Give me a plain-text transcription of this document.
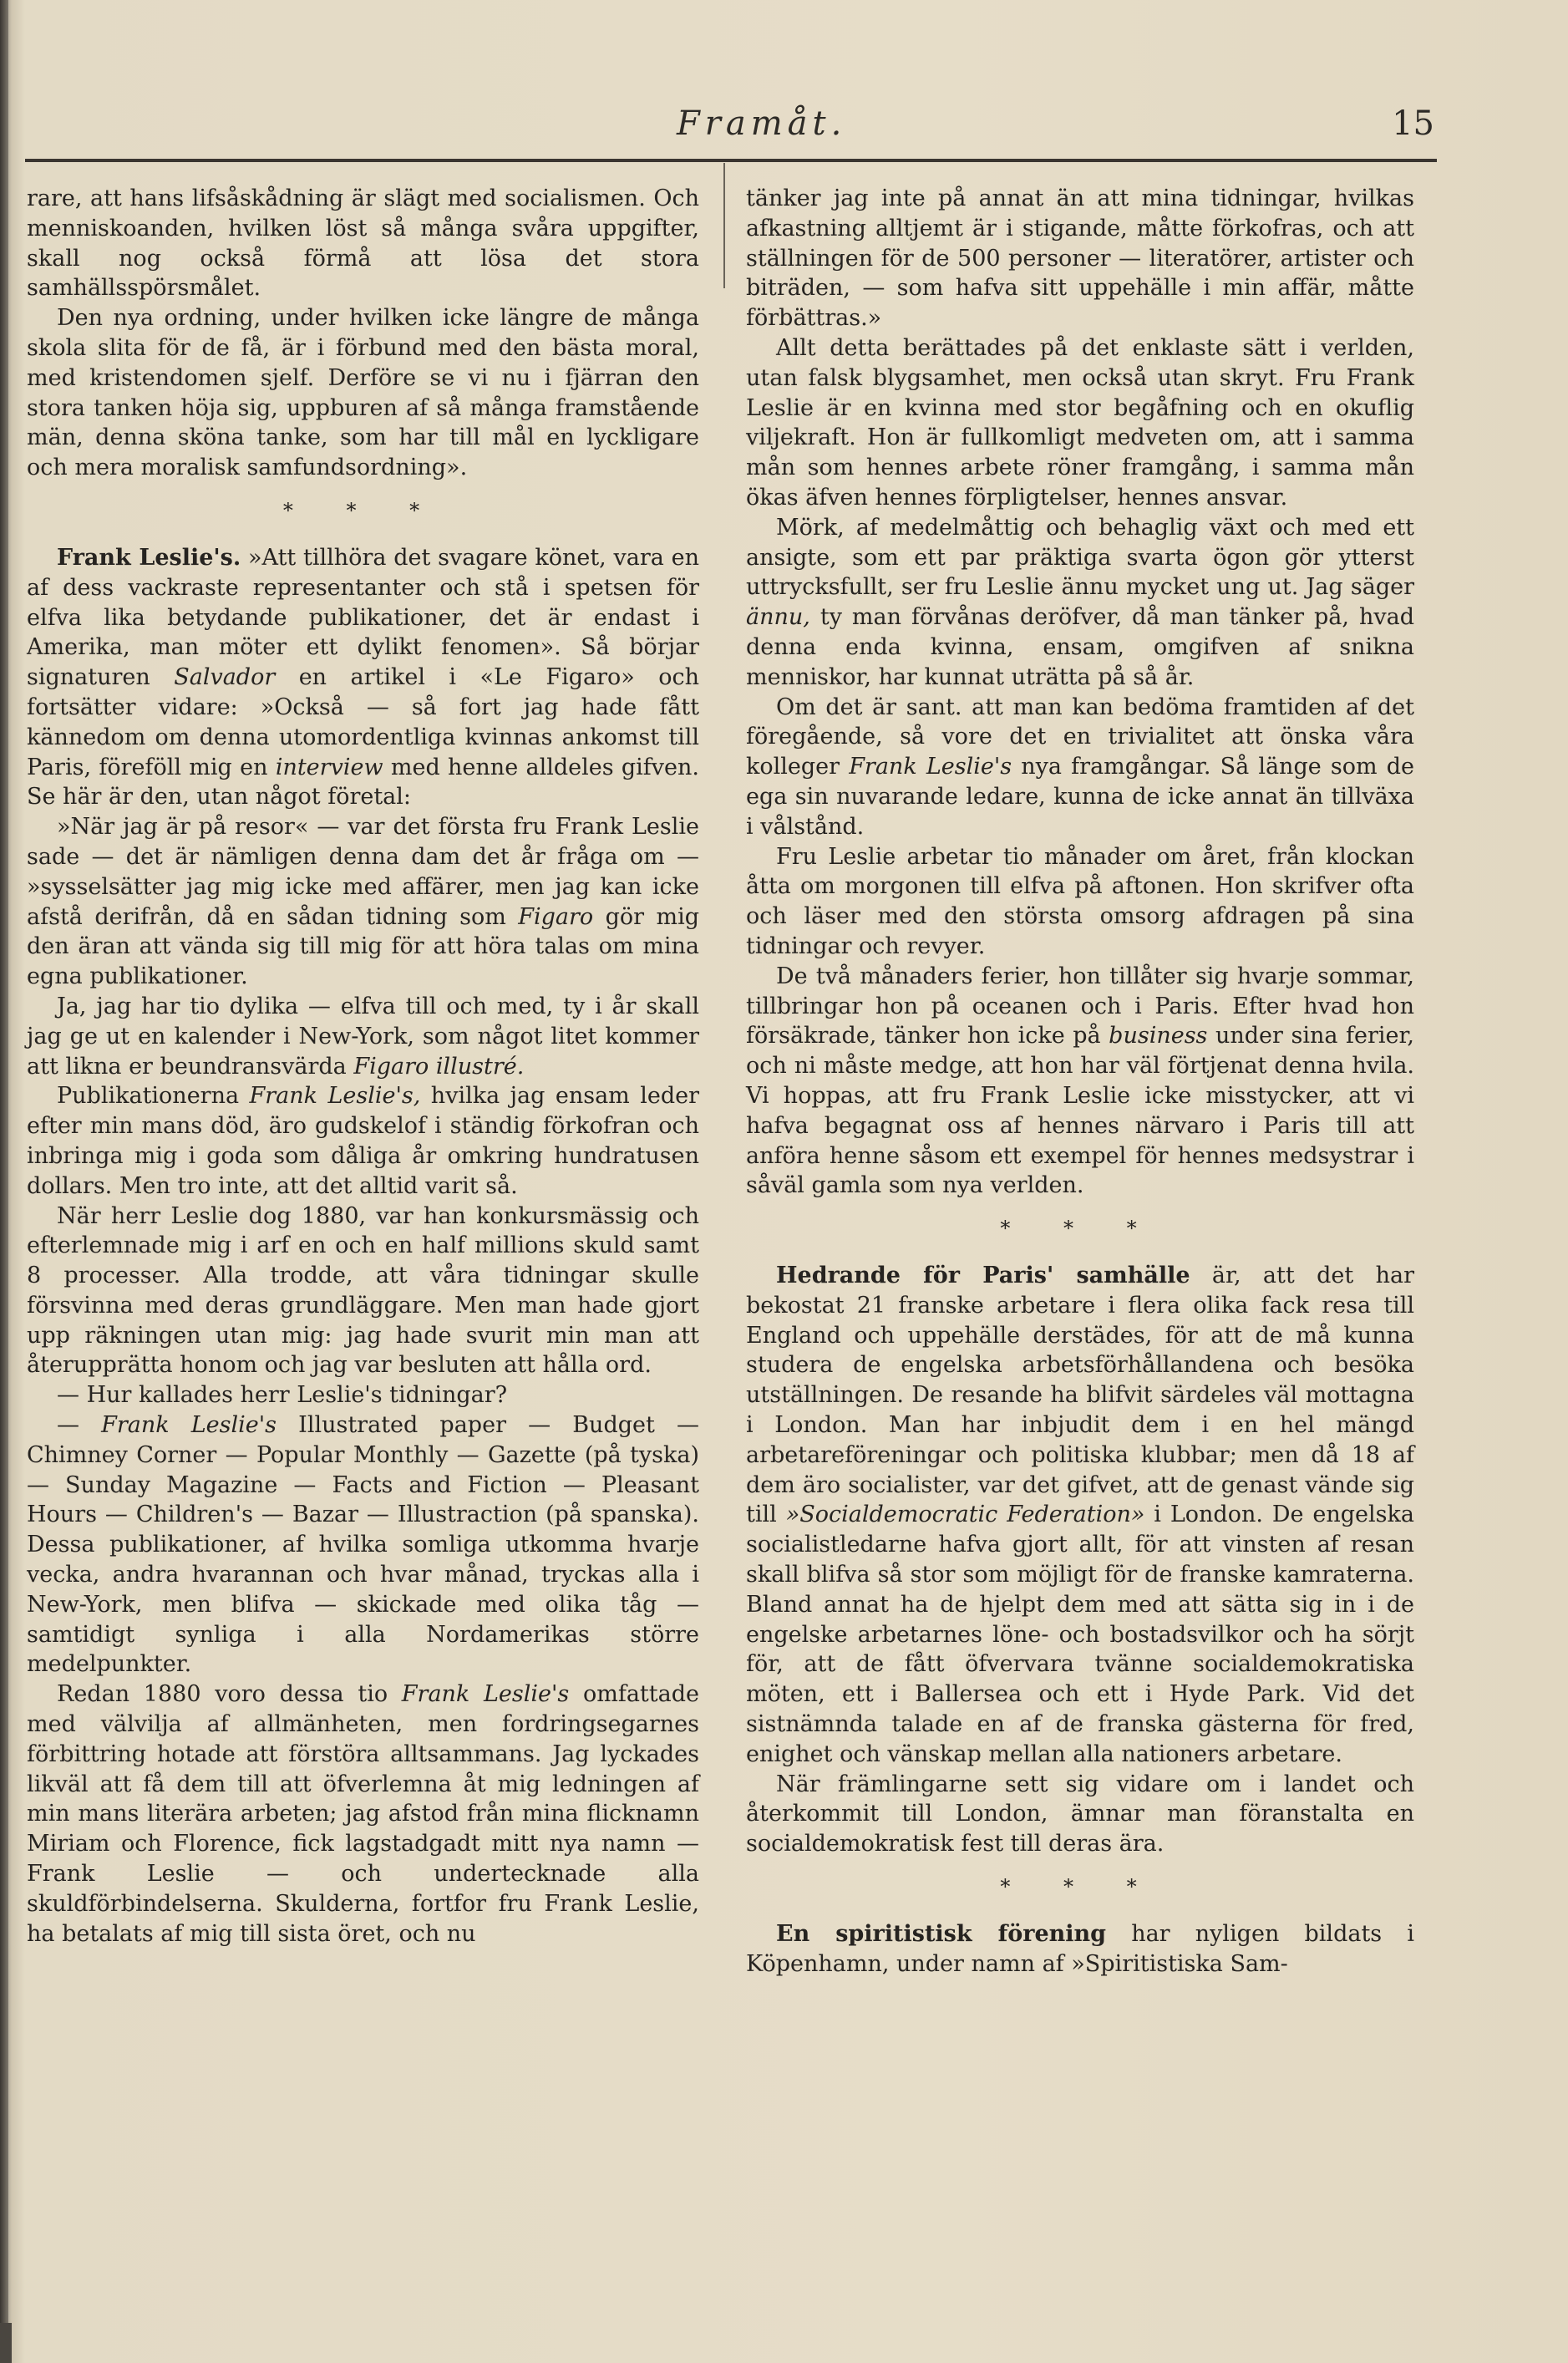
Framåt.	15

rare, att hans lifsåskådning är slägt med socialismen. Och menniskoanden, hvilken löst så många svåra uppgifter, skall nog också förmå att lösa det stora samhällsspörsmålet.

Den nya ordning, under hvilken icke längre de många skola slita för de få, är i förbund med den bästa moral, med kristendomen sjelf. Derföre se vi nu i fjärran den stora tanken höja sig, uppburen af så många framstående män, denna sköna tanke, som har till mål en lyckligare och mera moralisk samfundsordning».

* * *

Frank Leslie's. »Att tillhöra det svagare könet, vara en af dess vackraste representanter och stå i spetsen för elfva lika betydande publikationer, det är endast i Amerika, man möter ett dylikt fenomen». Så börjar signaturen Salvador en artikel i «Le Figaro» och fortsätter vidare: »Också — så fort jag hade fått kännedom om denna utomordentliga kvinnas ankomst till Paris, föreföll mig en interview med henne alldeles gifven. Se här är den, utan något företal:

»När jag är på resor« — var det första fru Frank Leslie sade — det är nämligen denna dam det år fråga om — »sysselsätter jag mig icke med affärer, men jag kan icke afstå derifrån, då en sådan tidning som Figaro gör mig den äran att vända sig till mig för att höra talas om mina egna publikationer.

Ja, jag har tio dylika — elfva till och med, ty i år skall jag ge ut en kalender i New-York, som något litet kommer att likna er beundransvärda Figaro illustré.

Publikationerna Frank Leslie's, hvilka jag ensam leder efter min mans död, äro gudskelof i ständig förkofran och inbringa mig i goda som dåliga år omkring hundratusen dollars. Men tro inte, att det alltid varit så.

När herr Leslie dog 1880, var han konkursmässig och efterlemnade mig i arf en och en half millions skuld samt 8 processer. Alla trodde, att våra tidningar skulle försvinna med deras grundläggare. Men man hade gjort upp räkningen utan mig: jag hade svurit min man att återupprätta honom och jag var besluten att hålla ord.

— Hur kallades herr Leslie's tidningar?

— Frank Leslie's Illustrated paper — Budget — Chimney Corner — Popular Monthly — Gazette (på tyska) — Sunday Magazine — Facts and Fiction — Pleasant Hours — Children's — Bazar — Illustraction (på spanska). Dessa publikationer, af hvilka somliga utkomma hvarje vecka, andra hvarannan och hvar månad, tryckas alla i New-York, men blifva — skickade med olika tåg — samtidigt synliga i alla Nordamerikas större medelpunkter.

Redan 1880 voro dessa tio Frank Leslie's omfattade med välvilja af allmänheten, men fordringsegarnes förbittring hotade att förstöra alltsammans. Jag lyckades likväl att få dem till att öfverlemna åt mig ledningen af min mans literära arbeten; jag afstod från mina flicknamn Miriam och Florence, fick lagstadgadt mitt nya namn — Frank Leslie — och undertecknade alla skuldförbindelserna. Skulderna, fortfor fru Frank Leslie, ha betalats af mig till sista öret, och nu

tänker jag inte på annat än att mina tidningar, hvilkas afkastning alltjemt är i stigande, måtte förkofras, och att ställningen för de 500 personer — literatörer, artister och biträden, — som hafva sitt uppehälle i min affär, måtte förbättras.»

Allt detta berättades på det enklaste sätt i verlden, utan falsk blygsamhet, men också utan skryt. Fru Frank Leslie är en kvinna med stor begåfning och en okuflig viljekraft. Hon är fullkomligt medveten om, att i samma mån som hennes arbete röner framgång, i samma mån ökas äfven hennes förpligtelser, hennes ansvar.

Mörk, af medelmåttig och behaglig växt och med ett ansigte, som ett par präktiga svarta ögon gör ytterst uttrycksfullt, ser fru Leslie ännu mycket ung ut. Jag säger ännu, ty man förvånas deröfver, då man tänker på, hvad denna enda kvinna, ensam, omgifven af snikna menniskor, har kunnat uträtta på så år.

Om det är sant. att man kan bedöma framtiden af det föregående, så vore det en trivialitet att önska våra kolleger Frank Leslie's nya framgångar. Så länge som de ega sin nuvarande ledare, kunna de icke annat än tillväxa i vålstånd.

Fru Leslie arbetar tio månader om året, från klockan åtta om morgonen till elfva på aftonen. Hon skrifver ofta och läser med den största omsorg afdragen på sina tidningar och revyer.

De två månaders ferier, hon tillåter sig hvarje sommar, tillbringar hon på oceanen och i Paris. Efter hvad hon försäkrade, tänker hon icke på business under sina ferier, och ni måste medge, att hon har väl förtjenat denna hvila. Vi hoppas, att fru Frank Leslie icke misstycker, att vi hafva begagnat oss af hennes närvaro i Paris till att anföra henne såsom ett exempel för hennes medsystrar i såväl gamla som nya verlden.

* * *

Hedrande för Paris' samhälle är, att det har bekostat 21 franske arbetare i flera olika fack resa till England och uppehälle derstädes, för att de må kunna studera de engelska arbetsförhållandena och besöka utställningen. De resande ha blifvit särdeles väl mottagna i London. Man har inbjudit dem i en hel mängd arbetareföreningar och politiska klubbar; men då 18 af dem äro socialister, var det gifvet, att de genast vände sig till »Socialdemocratic Federation» i London. De engelska socialistledarne hafva gjort allt, för att vinsten af resan skall blifva så stor som möjligt för de franske kamraterna. Bland annat ha de hjelpt dem med att sätta sig in i de engelske arbetarnes löne- och bostadsvilkor och ha sörjt för, att de fått öfvervara tvänne socialdemokratiska möten, ett i Ballersea och ett i Hyde Park. Vid det sistnämnda talade en af de franska gästerna för fred, enighet och vänskap mellan alla nationers arbetare.

När främlingarne sett sig vidare om i landet och återkommit till London, ämnar man föranstalta en socialdemokratisk fest till deras ära.

* * *

En spiritistisk förening har nyligen bildats i Köpenhamn, under namn af »Spiritistiska Sam-
